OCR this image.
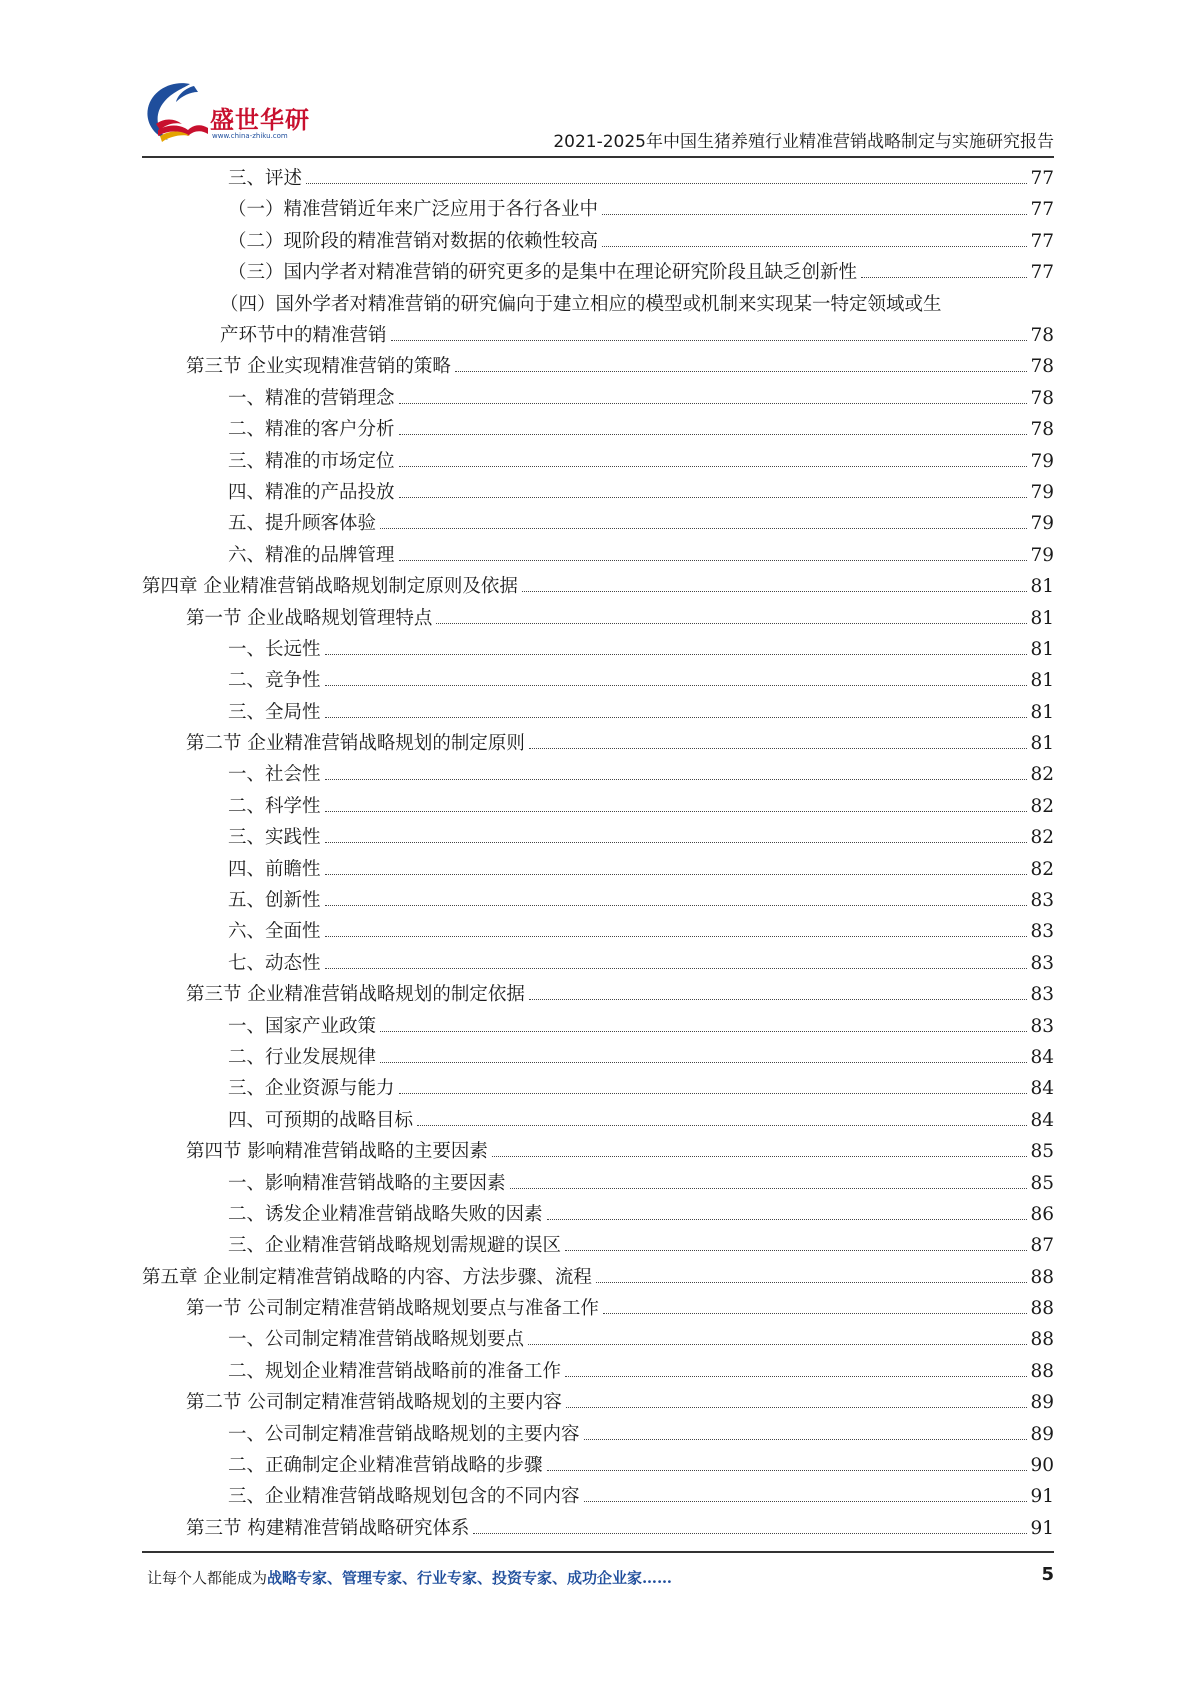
盛世华研
www.china-zhiku.com	2021-2025年中国生猪养殖行业精准营销战略制定与实施研究报告
三、评述	77
（一）精准营销近年来广泛应用于各行各业中	77
（二）现阶段的精准营销对数据的依赖性较高	77
（三）国内学者对精准营销的研究更多的是集中在理论研究阶段且缺乏创新性	77
（四）国外学者对精准营销的研究偏向于建立相应的模型或机制来实现某一特定领域或生
产环节中的精准营销	78
第三节 企业实现精准营销的策略	78
一、精准的营销理念	78
二、精准的客户分析	78
三、精准的市场定位	79
四、精准的产品投放	79
五、提升顾客体验	79
六、精准的品牌管理	79
第四章 企业精准营销战略规划制定原则及依据	81
第一节 企业战略规划管理特点	81
一、长远性	81
二、竞争性	81
三、全局性	81
第二节 企业精准营销战略规划的制定原则	81
一、社会性	82
二、科学性	82
三、实践性	82
四、前瞻性	82
五、创新性	83
六、全面性	83
七、动态性	83
第三节 企业精准营销战略规划的制定依据	83
一、国家产业政策	83
二、行业发展规律	84
三、企业资源与能力	84
四、可预期的战略目标	84
第四节 影响精准营销战略的主要因素	85
一、影响精准营销战略的主要因素	85
二、诱发企业精准营销战略失败的因素	86
三、企业精准营销战略规划需规避的误区	87
第五章 企业制定精准营销战略的内容、方法步骤、流程	88
第一节 公司制定精准营销战略规划要点与准备工作	88
一、公司制定精准营销战略规划要点	88
二、规划企业精准营销战略前的准备工作	88
第二节 公司制定精准营销战略规划的主要内容	89
一、公司制定精准营销战略规划的主要内容	89
二、正确制定企业精准营销战略的步骤	90
三、企业精准营销战略规划包含的不同内容	91
第三节 构建精准营销战略研究体系	91
让每个人都能成为战略专家、管理专家、行业专家、投资专家、成功企业家……	5
